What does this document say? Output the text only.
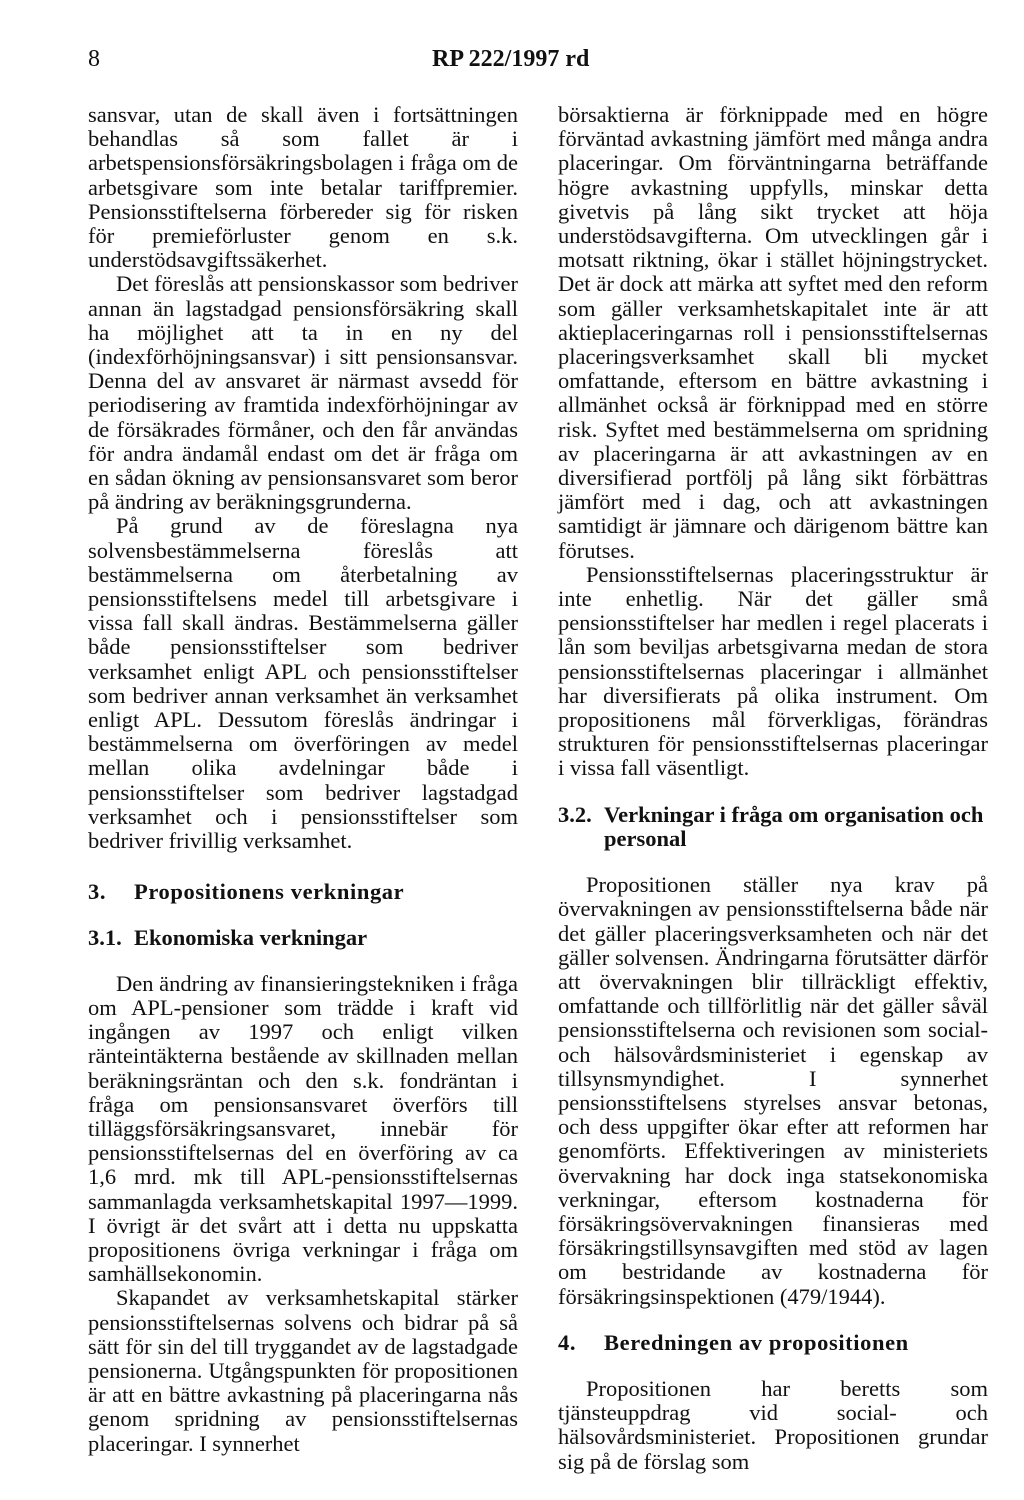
8	RP 222/1997 rd

sansvar, utan de skall även i fortsättningen behandlas så som fallet är i arbetspensionsförsäkringsbolagen i fråga om de arbetsgivare som inte betalar tariffpremier. Pensionsstiftelserna förbereder sig för risken för premieförluster genom en s.k. understödsavgiftssäkerhet.

Det föreslås att pensionskassor som bedriver annan än lagstadgad pensionsförsäkring skall ha möjlighet att ta in en ny del (indexförhöjningsansvar) i sitt pensionsansvar. Denna del av ansvaret är närmast avsedd för periodisering av framtida indexförhöjningar av de försäkrades förmåner, och den får användas för andra ändamål endast om det är fråga om en sådan ökning av pensionsansvaret som beror på ändring av beräkningsgrunderna.

På grund av de föreslagna nya solvensbestämmelserna föreslås att bestämmelserna om återbetalning av pensionsstiftelsens medel till arbetsgivare i vissa fall skall ändras. Bestämmelserna gäller både pensionsstiftelser som bedriver verksamhet enligt APL och pensionsstiftelser som bedriver annan verksamhet än verksamhet enligt APL. Dessutom föreslås ändringar i bestämmelserna om överföringen av medel mellan olika avdelningar både i pensionsstiftelser som bedriver lagstadgad verksamhet och i pensionsstiftelser som bedriver frivillig verksamhet.

3.	Propositionens verkningar
3.1. Ekonomiska verkningar

Den ändring av finansieringstekniken i fråga om APL-pensioner som trädde i kraft vid ingången av 1997 och enligt vilken ränteintäkterna bestående av skillnaden mellan beräkningsräntan och den s.k. fondräntan i fråga om pensionsansvaret överförs till tilläggsförsäkringsansvaret, innebär för pensionsstiftelsernas del en överföring av ca 1,6 mrd. mk till APL-pensionsstiftelsernas sammanlagda verksamhetskapital 1997—1999. I övrigt är det svårt att i detta nu uppskatta propositionens övriga verkningar i fråga om samhällsekonomin.

Skapandet av verksamhetskapital stärker pensionsstiftelsernas solvens och bidrar på så sätt för sin del till tryggandet av de lagstadgade pensionerna. Utgångspunkten för propositionen är att en bättre avkastning på placeringarna nås genom spridning av pensionsstiftelsernas placeringar. I synnerhet

börsaktierna är förknippade med en högre förväntad avkastning jämfört med många andra placeringar. Om förväntningarna beträffande högre avkastning uppfylls, minskar detta givetvis på lång sikt trycket att höja understödsavgifterna. Om utvecklingen går i motsatt riktning, ökar i stället höjningstrycket. Det är dock att märka att syftet med den reform som gäller verksamhetskapitalet inte är att aktieplaceringarnas roll i pensionsstiftelsernas placeringsverksamhet skall bli mycket omfattande, eftersom en bättre avkastning i allmänhet också är förknippad med en större risk. Syftet med bestämmelserna om spridning av placeringarna är att avkastningen av en diversifierad portfölj på lång sikt förbättras jämfört med i dag, och att avkastningen samtidigt är jämnare och därigenom bättre kan förutses.

Pensionsstiftelsernas placeringsstruktur är inte enhetlig. När det gäller små pensionsstiftelser har medlen i regel placerats i lån som beviljas arbetsgivarna medan de stora pensionsstiftelsernas placeringar i allmänhet har diversifierats på olika instrument. Om propositionens mål förverkligas, förändras strukturen för pensionsstiftelsernas placeringar i vissa fall väsentligt.

3.2. Verkningar i fråga om organisation och personal

Propositionen ställer nya krav på övervakningen av pensionsstiftelserna både när det gäller placeringsverksamheten och när det gäller solvensen. Ändringarna förutsätter därför att övervakningen blir tillräckligt effektiv, omfattande och tillförlitlig när det gäller såväl pensionsstiftelserna och revisionen som social- och hälsovårdsministeriet i egenskap av tillsynsmyndighet. I synnerhet pensionsstiftelsens styrelses ansvar betonas, och dess uppgifter ökar efter att reformen har genomförts. Effektiveringen av ministeriets övervakning har dock inga statsekonomiska verkningar, eftersom kostnaderna för försäkringsövervakningen finansieras med försäkringstillsynsavgiften med stöd av lagen om bestridande av kostnaderna för försäkringsinspektionen (479/1944).

4.	Beredningen av propositionen

Propositionen har beretts som tjänsteuppdrag vid social- och hälsovårdsministeriet. Propositionen grundar sig på de förslag som
